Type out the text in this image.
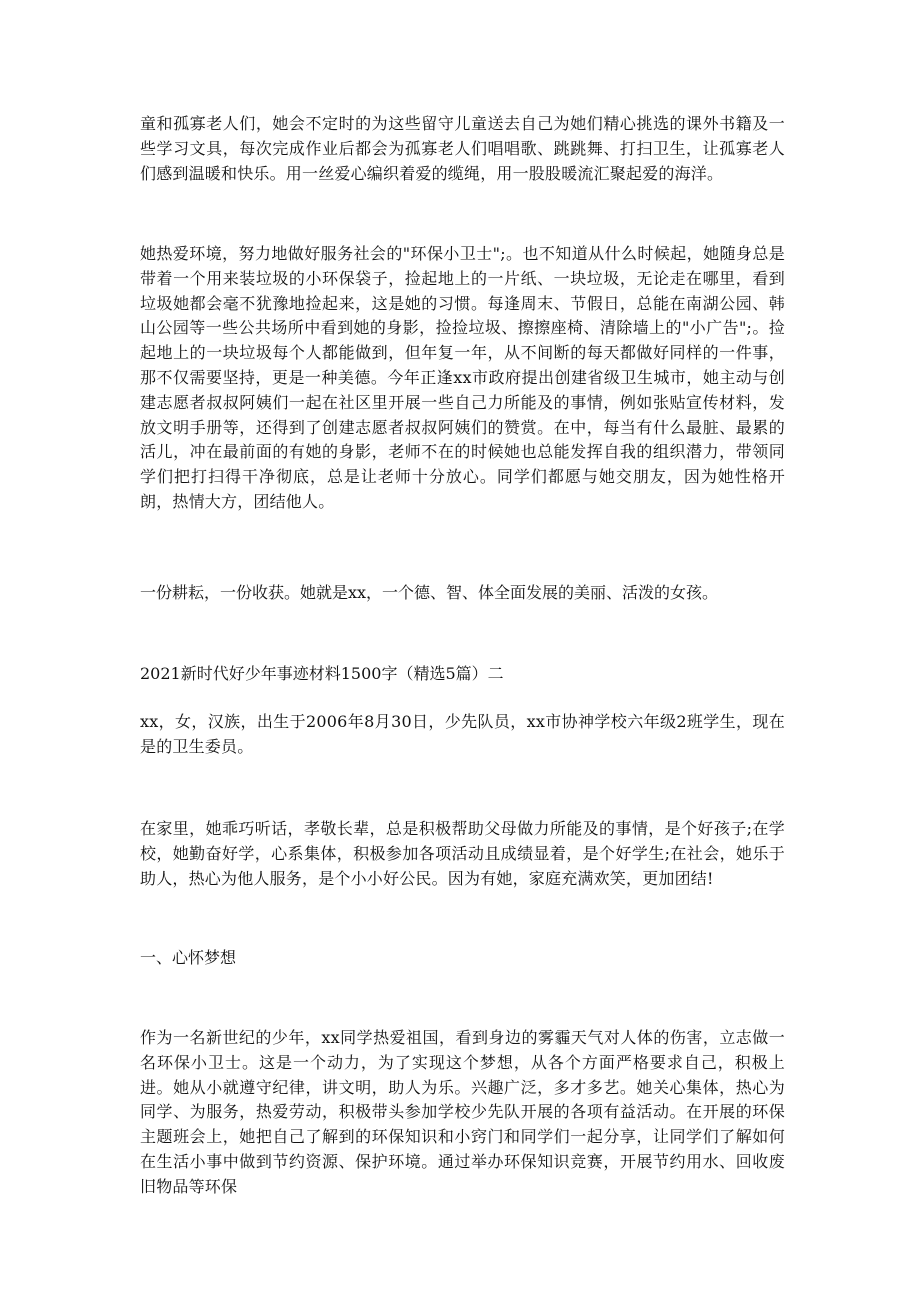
童和孤寡老人们，她会不定时的为这些留守儿童送去自己为她们精心挑选的课外书籍及一些学习文具，每次完成作业后都会为孤寡老人们唱唱歌、跳跳舞、打扫卫生，让孤寡老人们感到温暖和快乐。用一丝爱心编织着爱的缆绳，用一股股暖流汇聚起爱的海洋。

她热爱环境，努力地做好服务社会的"环保小卫士";。也不知道从什么时候起，她随身总是带着一个用来装垃圾的小环保袋子，捡起地上的一片纸、一块垃圾，无论走在哪里，看到垃圾她都会毫不犹豫地捡起来，这是她的习惯。每逢周末、节假日，总能在南湖公园、韩山公园等一些公共场所中看到她的身影，捡捡垃圾、擦擦座椅、清除墙上的"小广告";。捡起地上的一块垃圾每个人都能做到，但年复一年，从不间断的每天都做好同样的一件事，那不仅需要坚持，更是一种美德。今年正逢xx市政府提出创建省级卫生城市，她主动与创建志愿者叔叔阿姨们一起在社区里开展一些自己力所能及的事情，例如张贴宣传材料，发放文明手册等，还得到了创建志愿者叔叔阿姨们的赞赏。在中，每当有什么最脏、最累的活儿，冲在最前面的有她的身影，老师不在的时候她也总能发挥自我的组织潜力，带领同学们把打扫得干净彻底，总是让老师十分放心。同学们都愿与她交朋友，因为她性格开朗，热情大方，团结他人。

一份耕耘，一份收获。她就是xx，一个德、智、体全面发展的美丽、活泼的女孩。

2021新时代好少年事迹材料1500字（精选5篇）二

xx，女，汉族，出生于2006年8月30日，少先队员，xx市协神学校六年级2班学生，现在是的卫生委员。

在家里，她乖巧听话，孝敬长辈，总是积极帮助父母做力所能及的事情，是个好孩子;在学校，她勤奋好学，心系集体，积极参加各项活动且成绩显着，是个好学生;在社会，她乐于助人，热心为他人服务，是个小小好公民。因为有她，家庭充满欢笑，更加团结!

一、心怀梦想

作为一名新世纪的少年，xx同学热爱祖国，看到身边的雾霾天气对人体的伤害，立志做一名环保小卫士。这是一个动力，为了实现这个梦想，从各个方面严格要求自己，积极上进。她从小就遵守纪律，讲文明，助人为乐。兴趣广泛，多才多艺。她关心集体，热心为同学、为服务，热爱劳动，积极带头参加学校少先队开展的各项有益活动。在开展的环保主题班会上，她把自己了解到的环保知识和小窍门和同学们一起分享，让同学们了解如何在生活小事中做到节约资源、保护环境。通过举办环保知识竞赛，开展节约用水、回收废旧物品等环保
